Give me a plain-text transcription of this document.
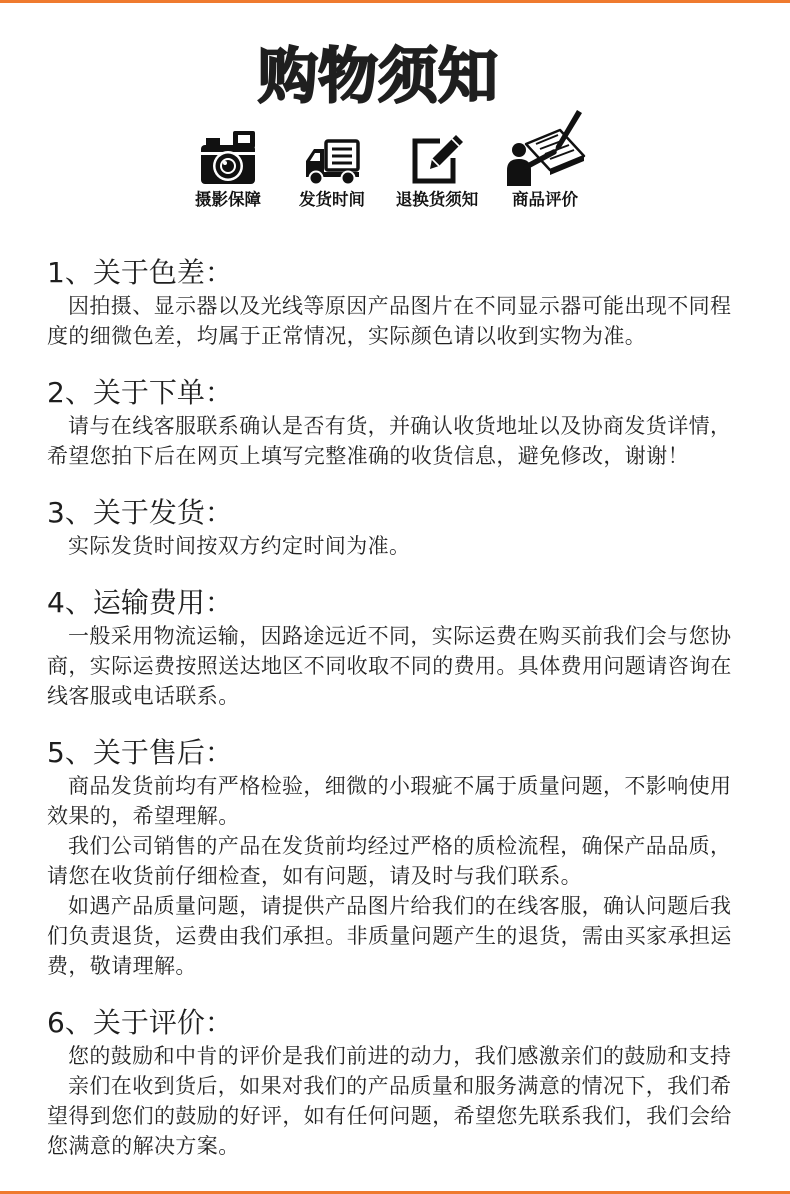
购物须知
摄影保障	发货时间	退换货须知	商品评价
1、关于色差：
因拍摄、显示器以及光线等原因产品图片在不同显示器可能出现不同程
度的细微色差，均属于正常情况，实际颜色请以收到实物为准。
2、关于下单：
请与在线客服联系确认是否有货，并确认收货地址以及协商发货详情，
希望您拍下后在网页上填写完整准确的收货信息，避免修改，谢谢！
3、关于发货：
实际发货时间按双方约定时间为准。
4、运输费用：
一般采用物流运输，因路途远近不同，实际运费在购买前我们会与您协
商，实际运费按照送达地区不同收取不同的费用。具体费用问题请咨询在
线客服或电话联系。
5、关于售后：
商品发货前均有严格检验，细微的小瑕疵不属于质量问题，不影响使用
效果的，希望理解。
我们公司销售的产品在发货前均经过严格的质检流程，确保产品品质，
请您在收货前仔细检查，如有问题，请及时与我们联系。
如遇产品质量问题，请提供产品图片给我们的在线客服，确认问题后我
们负责退货，运费由我们承担。非质量问题产生的退货，需由买家承担运
费，敬请理解。
6、关于评价：
您的鼓励和中肯的评价是我们前进的动力，我们感激亲们的鼓励和支持
亲们在收到货后，如果对我们的产品质量和服务满意的情况下，我们希
望得到您们的鼓励的好评，如有任何问题，希望您先联系我们，我们会给
您满意的解决方案。
